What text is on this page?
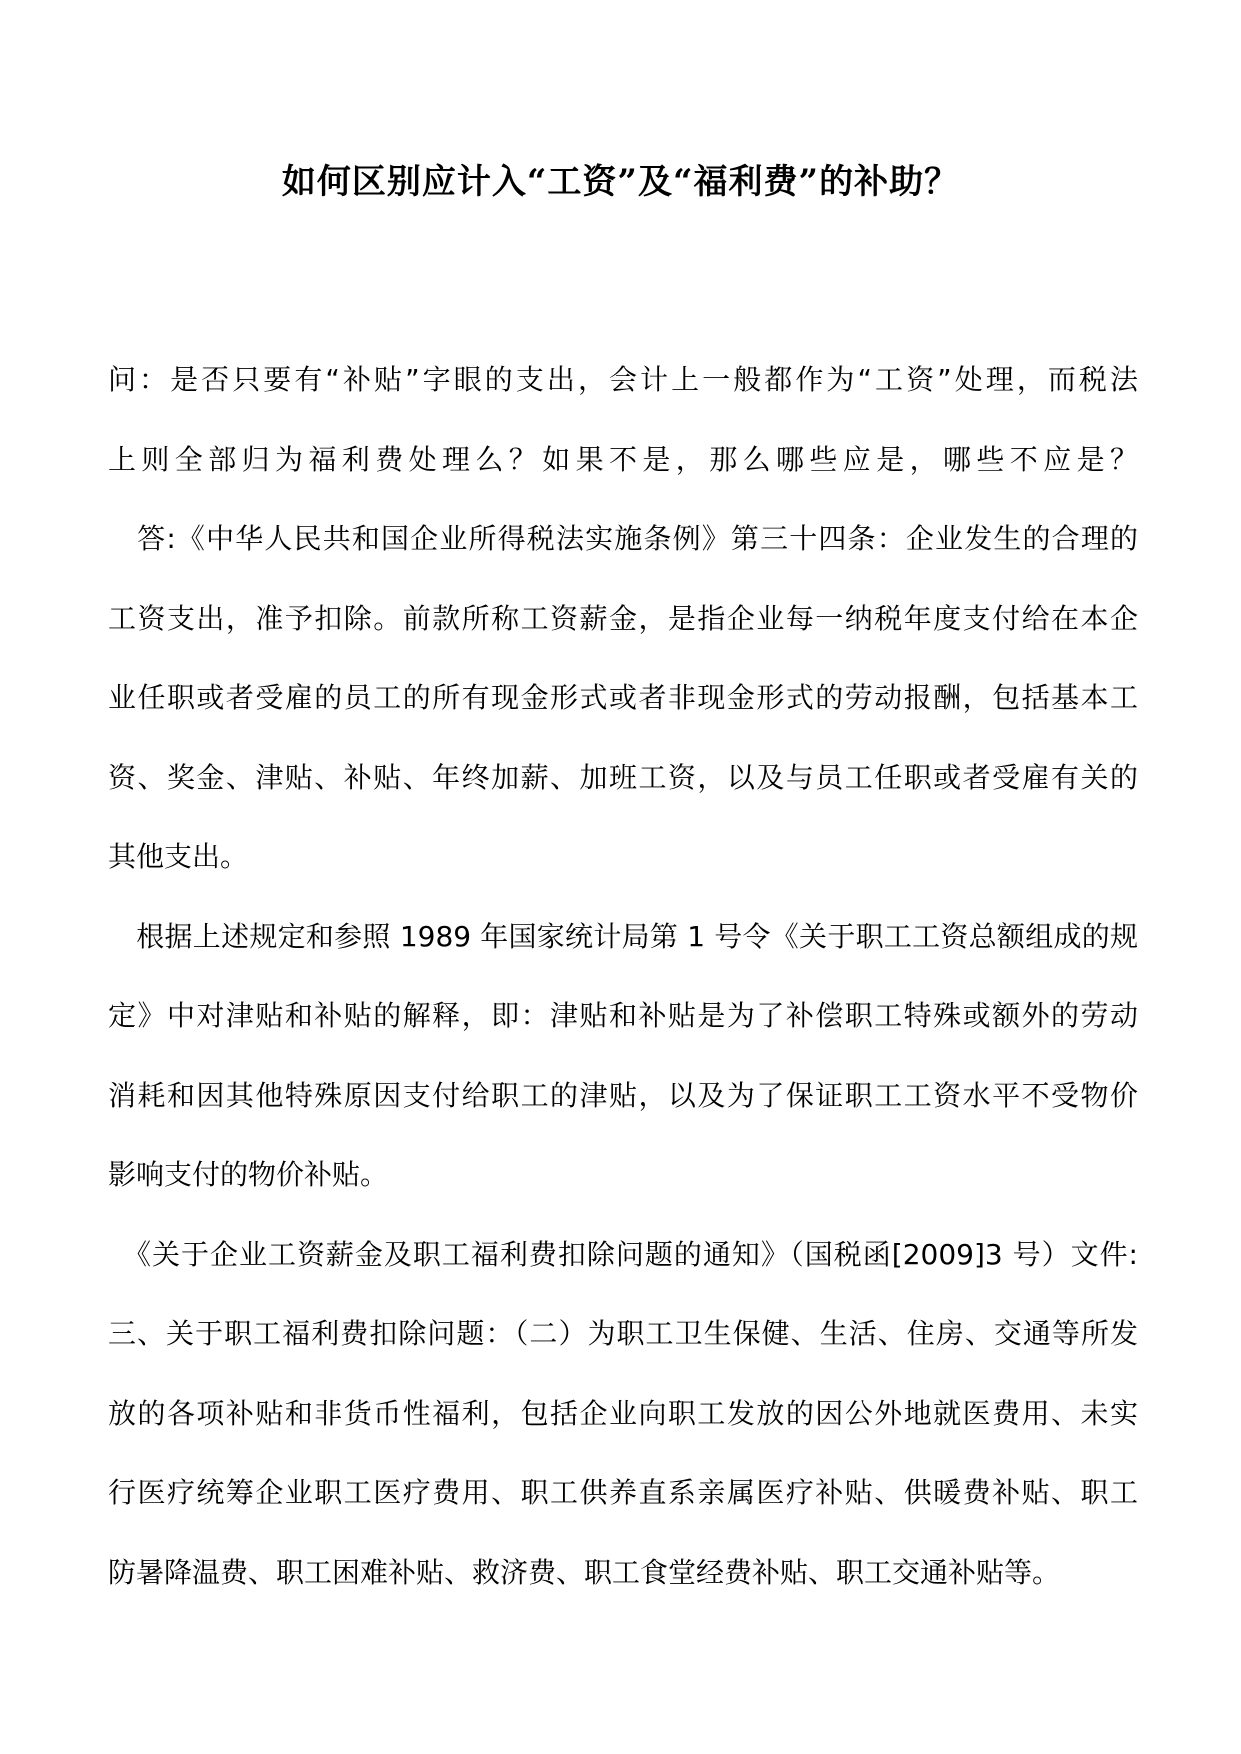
如何区别应计入“工资”及“福利费”的补助？
问：是否只要有“补贴”字眼的支出，会计上一般都作为“工资”处理，而税法
上则全部归为福利费处理么？如果不是，那么哪些应是，哪些不应是？
　答:《中华人民共和国企业所得税法实施条例》第三十四条：企业发生的合理的
工资支出，准予扣除。前款所称工资薪金，是指企业每一纳税年度支付给在本企
业任职或者受雇的员工的所有现金形式或者非现金形式的劳动报酬，包括基本工
资、奖金、津贴、补贴、年终加薪、加班工资，以及与员工任职或者受雇有关的
其他支出。
　根据上述规定和参照 1989 年国家统计局第 1 号令《关于职工工资总额组成的规
定》中对津贴和补贴的解释，即：津贴和补贴是为了补偿职工特殊或额外的劳动
消耗和因其他特殊原因支付给职工的津贴，以及为了保证职工工资水平不受物价
影响支付的物价补贴。
　《关于企业工资薪金及职工福利费扣除问题的通知》（国税函[2009]3 号）文件:
三、关于职工福利费扣除问题：（二）为职工卫生保健、生活、住房、交通等所发
放的各项补贴和非货币性福利，包括企业向职工发放的因公外地就医费用、未实
行医疗统筹企业职工医疗费用、职工供养直系亲属医疗补贴、供暖费补贴、职工
防暑降温费、职工困难补贴、救济费、职工食堂经费补贴、职工交通补贴等。
